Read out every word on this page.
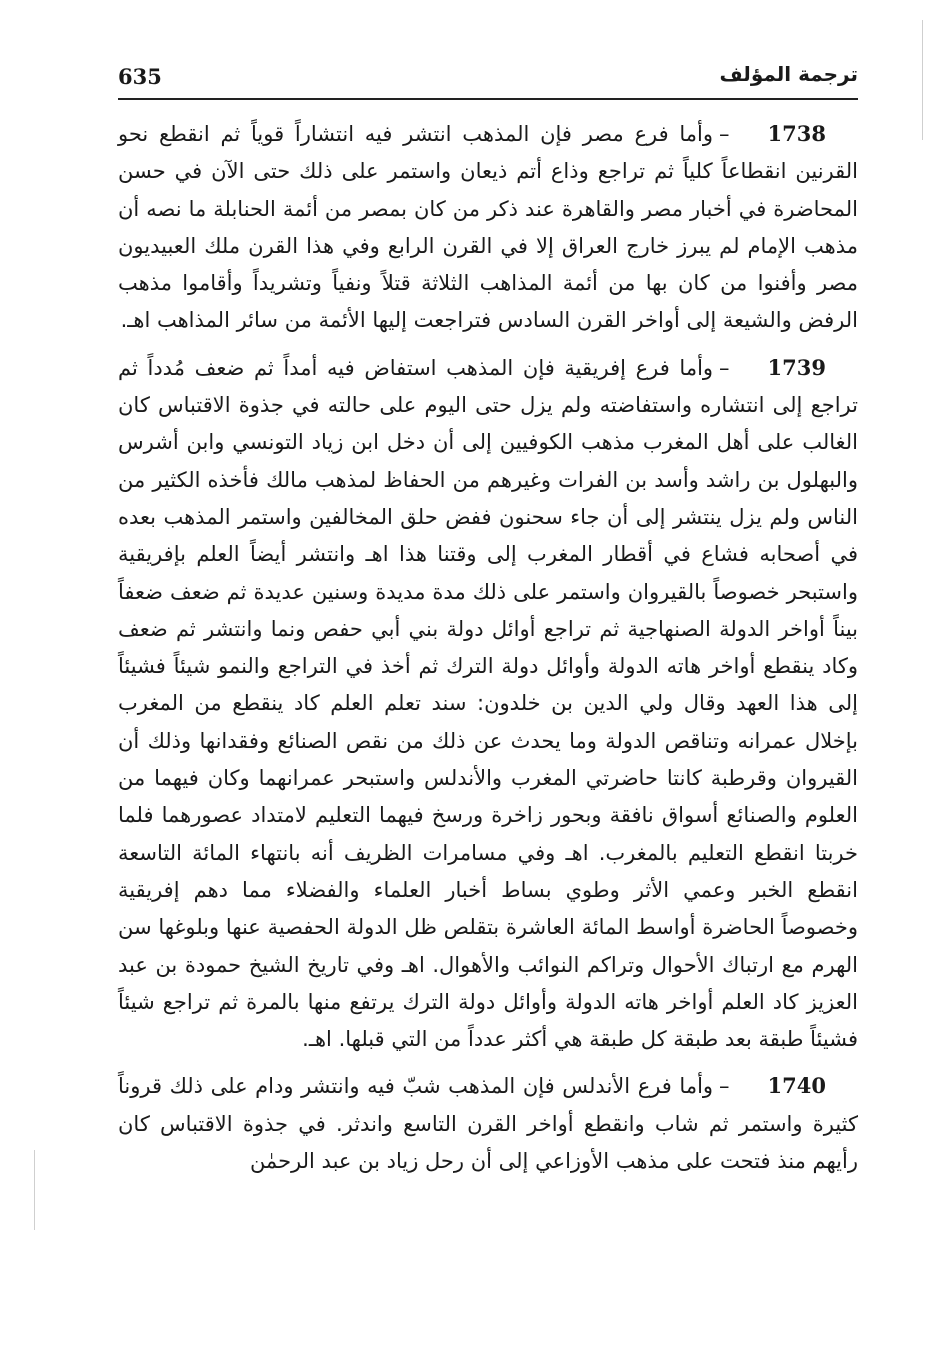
635	ترجمة المؤلف

1738–وأما فرع مصر فإن المذهب انتشر فيه انتشاراً قوياً ثم انقطع نحو القرنين انقطاعاً كلياً ثم تراجع وذاع أتم ذيعان واستمر على ذلك حتى الآن في حسن المحاضرة في أخبار مصر والقاهرة عند ذكر من كان بمصر من أئمة الحنابلة ما نصه أن مذهب الإمام لم يبرز خارج العراق إلا في القرن الرابع وفي هذا القرن ملك العبيديون مصر وأفنوا من كان بها من أئمة المذاهب الثلاثة قتلاً ونفياً وتشريداً وأقاموا مذهب الرفض والشيعة إلى أواخر القرن السادس فتراجعت إليها الأئمة من سائر المذاهب اهـ.

1739–وأما فرع إفريقية فإن المذهب استفاض فيه أمداً ثم ضعف مُدداً ثم تراجع إلى انتشاره واستفاضته ولم يزل حتى اليوم على حالته في جذوة الاقتباس كان الغالب على أهل المغرب مذهب الكوفيين إلى أن دخل ابن زياد التونسي وابن أشرس والبهلول بن راشد وأسد بن الفرات وغيرهم من الحفاظ لمذهب مالك فأخذه الكثير من الناس ولم يزل ينتشر إلى أن جاء سحنون ففض حلق المخالفين واستمر المذهب بعده في أصحابه فشاع في أقطار المغرب إلى وقتنا هذا اهـ وانتشر أيضاً العلم بإفريقية واستبحر خصوصاً بالقيروان واستمر على ذلك مدة مديدة وسنين عديدة ثم ضعف ضعفاً بيناً أواخر الدولة الصنهاجية ثم تراجع أوائل دولة بني أبي حفص ونما وانتشر ثم ضعف وكاد ينقطع أواخر هاته الدولة وأوائل دولة الترك ثم أخذ في التراجع والنمو شيئاً فشيئاً إلى هذا العهد وقال ولي الدين بن خلدون: سند تعلم العلم كاد ينقطع من المغرب بإخلال عمرانه وتناقص الدولة وما يحدث عن ذلك من نقص الصنائع وفقدانها وذلك أن القيروان وقرطبة كانتا حاضرتي المغرب والأندلس واستبحر عمرانهما وكان فيهما من العلوم والصنائع أسواق نافقة وبحور زاخرة ورسخ فيهما التعليم لامتداد عصورهما فلما خربتا انقطع التعليم بالمغرب. اهـ وفي مسامرات الظريف أنه بانتهاء المائة التاسعة انقطع الخبر وعمي الأثر وطوي بساط أخبار العلماء والفضلاء مما دهم إفريقية وخصوصاً الحاضرة أواسط المائة العاشرة بتقلص ظل الدولة الحفصية عنها وبلوغها سن الهرم مع ارتباك الأحوال وتراكم النوائب والأهوال. اهـ وفي تاريخ الشيخ حمودة بن عبد العزيز كاد العلم أواخر هاته الدولة وأوائل دولة الترك يرتفع منها بالمرة ثم تراجع شيئاً فشيئاً طبقة بعد طبقة كل طبقة هي أكثر عدداً من التي قبلها. اهـ.

1740–وأما فرع الأندلس فإن المذهب شبّ فيه وانتشر ودام على ذلك قروناً كثيرة واستمر ثم شاب وانقطع أواخر القرن التاسع واندثر. في جذوة الاقتباس كان رأيهم منذ فتحت على مذهب الأوزاعي إلى أن رحل زياد بن عبد الرحمٰن
